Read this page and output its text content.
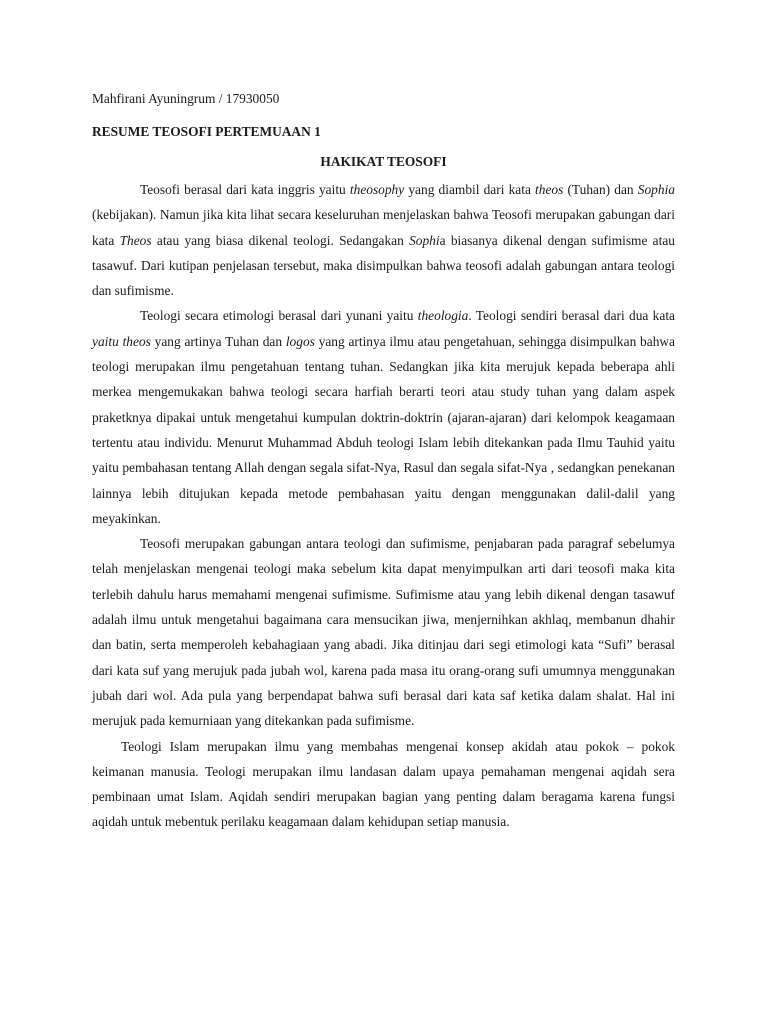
Mahfirani Ayuningrum / 17930050

RESUME TEOSOFI PERTEMUAAN 1

HAKIKAT TEOSOFI

Teosofi berasal dari kata inggris yaitu theosophy yang diambil dari kata theos (Tuhan) dan Sophia (kebijakan). Namun jika kita lihat secara keseluruhan menjelaskan bahwa Teosofi merupakan gabungan dari kata Theos atau yang biasa dikenal teologi. Sedangakan Sophia biasanya dikenal dengan sufimisme atau tasawuf. Dari kutipan penjelasan tersebut, maka disimpulkan bahwa teosofi adalah gabungan antara teologi dan sufimisme.

Teologi secara etimologi berasal dari yunani yaitu theologia. Teologi sendiri berasal dari dua kata yaitu theos yang artinya Tuhan dan logos yang artinya ilmu atau pengetahuan, sehingga disimpulkan bahwa teologi merupakan ilmu pengetahuan tentang tuhan. Sedangkan jika kita merujuk kepada beberapa ahli merkea mengemukakan bahwa teologi secara harfiah berarti teori atau study tuhan yang dalam aspek praketknya dipakai untuk mengetahui kumpulan doktrin-doktrin (ajaran-ajaran) dari kelompok keagamaan tertentu atau individu. Menurut Muhammad Abduh teologi Islam lebih ditekankan pada Ilmu Tauhid yaitu yaitu pembahasan tentang Allah dengan segala sifat-Nya, Rasul dan segala sifat-Nya , sedangkan penekanan lainnya lebih ditujukan kepada metode pembahasan yaitu dengan menggunakan dalil-dalil yang meyakinkan.

Teosofi merupakan gabungan antara teologi dan sufimisme, penjabaran pada paragraf sebelumya telah menjelaskan mengenai teologi maka sebelum kita dapat menyimpulkan arti dari teosofi maka kita terlebih dahulu harus memahami mengenai sufimisme. Sufimisme atau yang lebih dikenal dengan tasawuf adalah ilmu untuk mengetahui bagaimana cara mensucikan jiwa, menjernihkan akhlaq, membanun dhahir dan batin, serta memperoleh kebahagiaan yang abadi. Jika ditinjau dari segi etimologi kata “Sufi” berasal dari kata suf yang merujuk pada jubah wol, karena pada masa itu orang-orang sufi umumnya menggunakan jubah dari wol. Ada pula yang berpendapat bahwa sufi berasal dari kata saf ketika dalam shalat. Hal ini merujuk pada kemurniaan yang ditekankan pada sufimisme.

Teologi Islam merupakan ilmu yang membahas mengenai konsep akidah atau pokok – pokok keimanan manusia. Teologi merupakan ilmu landasan dalam upaya pemahaman mengenai aqidah sera pembinaan umat Islam. Aqidah sendiri merupakan bagian yang penting dalam beragama karena fungsi aqidah untuk mebentuk perilaku keagamaan dalam kehidupan setiap manusia.
